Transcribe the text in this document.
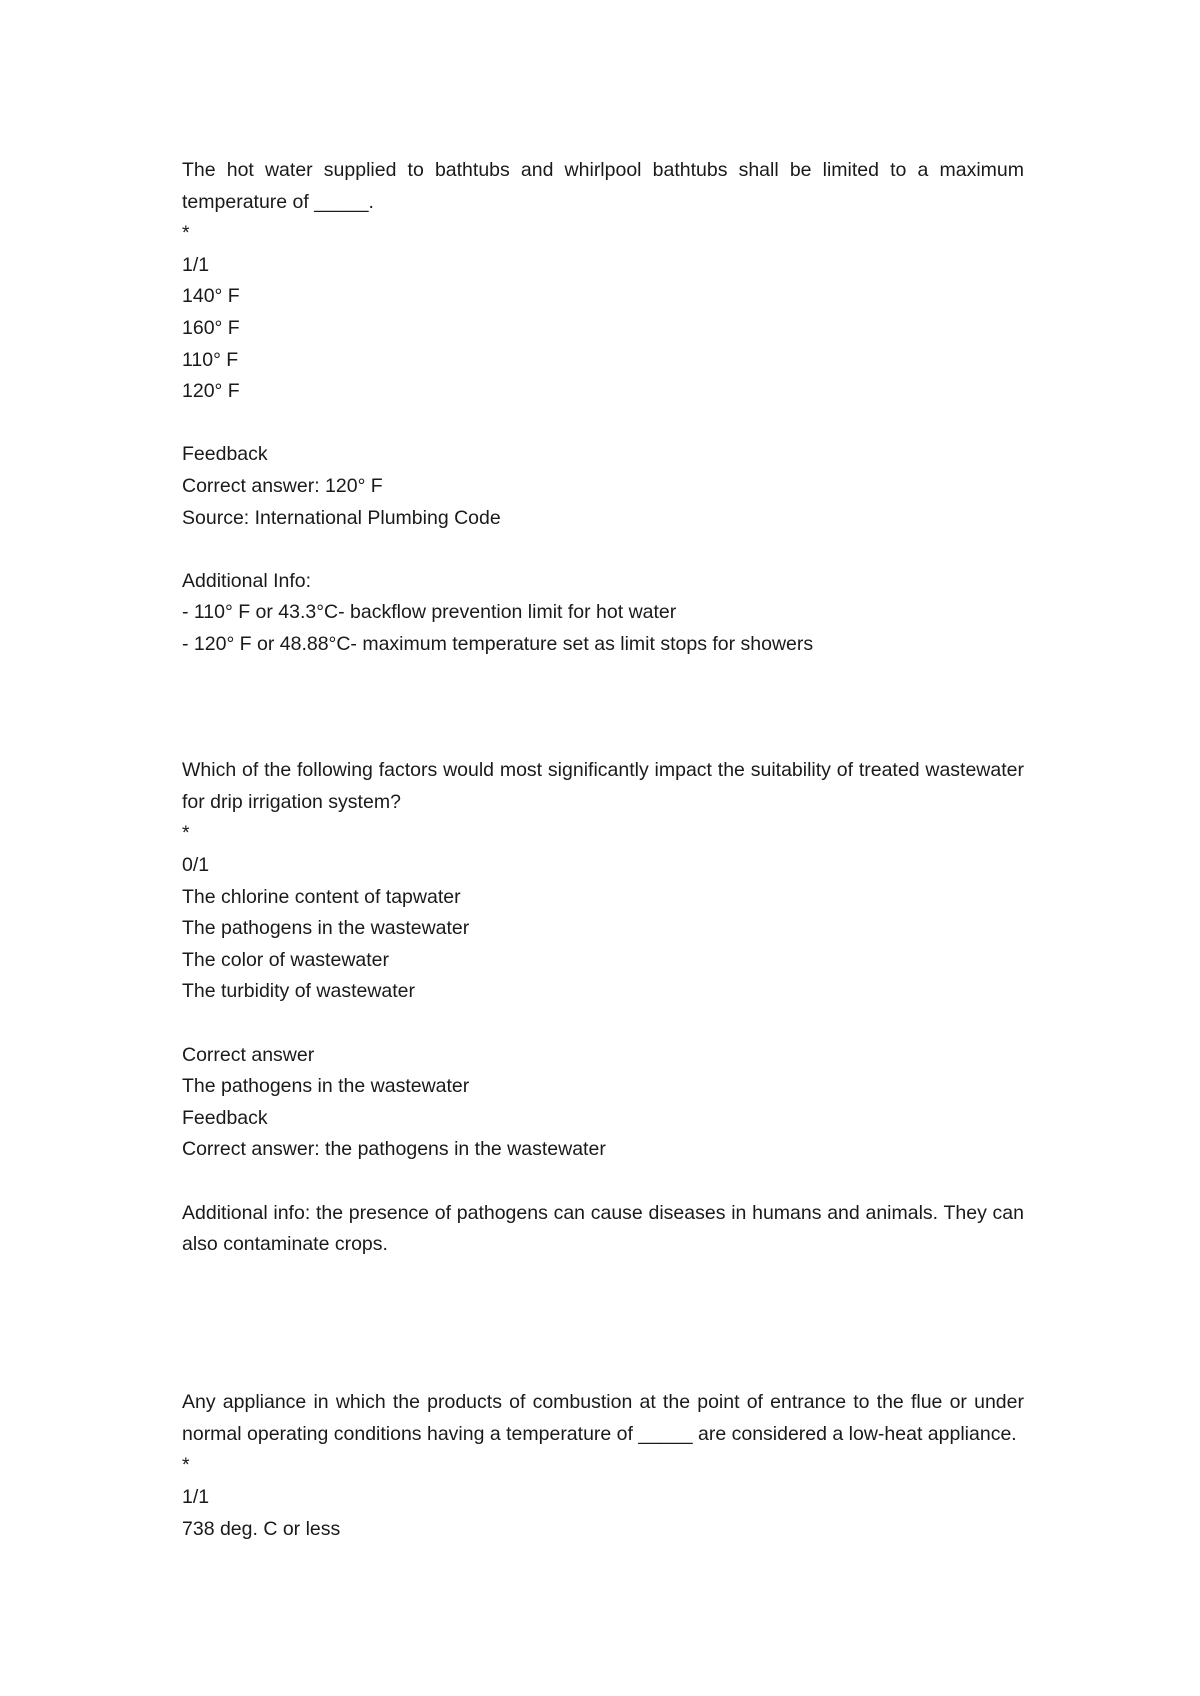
The hot water supplied to bathtubs and whirlpool bathtubs shall be limited to a maximum temperature of _____.
*
1/1
140° F
160° F
110° F
120° F
Feedback
Correct answer: 120° F
Source: International Plumbing Code
Additional Info:
- 110° F or 43.3°C- backflow prevention limit for hot water
- 120° F or 48.88°C- maximum temperature set as limit stops for showers
Which of the following factors would most significantly impact the suitability of treated wastewater for drip irrigation system?
*
0/1
The chlorine content of tapwater
The pathogens in the wastewater
The color of wastewater
The turbidity of wastewater
Correct answer
The pathogens in the wastewater
Feedback
Correct answer: the pathogens in the wastewater
Additional info: the presence of pathogens can cause diseases in humans and animals. They can also contaminate crops.
Any appliance in which the products of combustion at the point of entrance to the flue or under normal operating conditions having a temperature of _____ are considered a low-heat appliance.
*
1/1
738 deg. C or less
